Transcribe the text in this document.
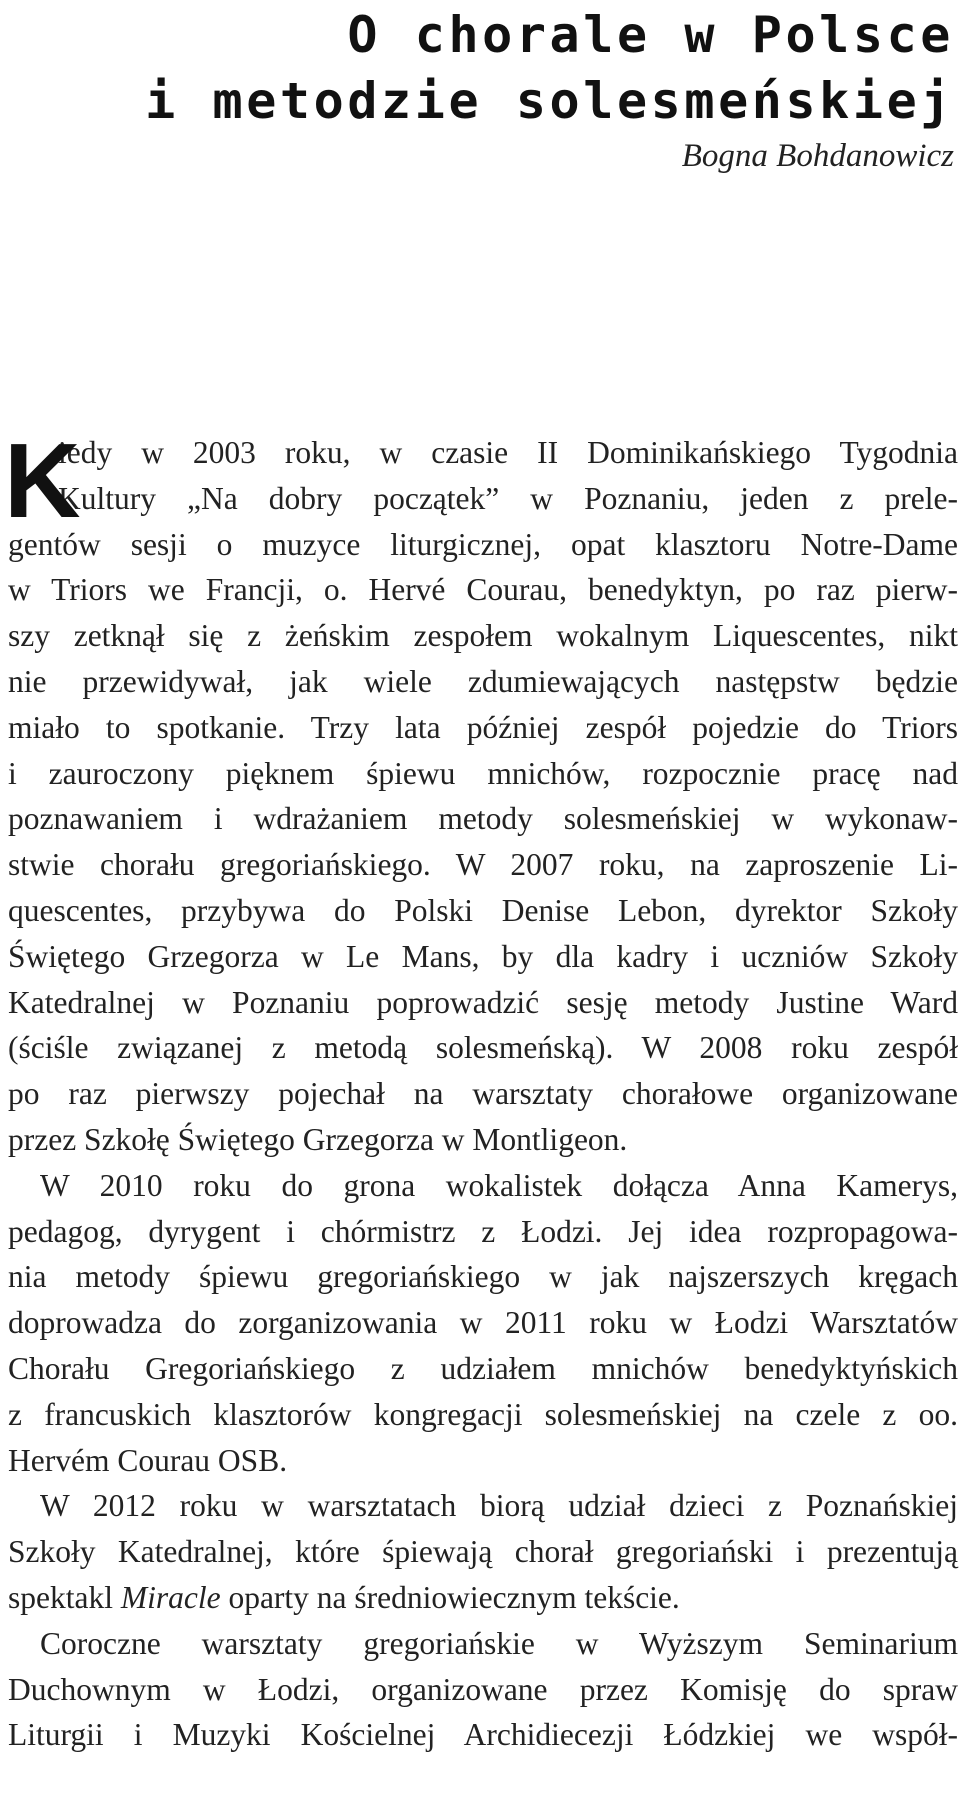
O chorale w Polsce
i metodzie solesmeńskiej
Bogna Bohdanowicz
K
iedy w 2003 roku, w czasie II Dominikańskiego Tygodnia
Kultury „Na dobry początek” w Poznaniu, jeden z prele-
gentów sesji o muzyce liturgicznej, opat klasztoru Notre-Dame
w Triors we Francji, o. Hervé Courau, benedyktyn, po raz pierw-
szy zetknął się z żeńskim zespołem wokalnym Liquescentes, nikt
nie przewidywał, jak wiele zdumiewających następstw będzie
miało to spotkanie. Trzy lata później zespół pojedzie do Triors
i zauroczony pięknem śpiewu mnichów, rozpocznie pracę nad
poznawaniem i wdrażaniem metody solesmeńskiej w wykonaw-
stwie chorału gregoriańskiego. W 2007 roku, na zaproszenie Li-
quescentes, przybywa do Polski Denise Lebon, dyrektor Szkoły
Świętego Grzegorza w Le Mans, by dla kadry i uczniów Szkoły
Katedralnej w Poznaniu poprowadzić sesję metody Justine Ward
(ściśle związanej z metodą solesmeńską). W 2008 roku zespół
po raz pierwszy pojechał na warsztaty chorałowe organizowane
przez Szkołę Świętego Grzegorza w Montligeon.
W 2010 roku do grona wokalistek dołącza Anna Kamerys,
pedagog, dyrygent i chórmistrz z Łodzi. Jej idea rozpropagowa-
nia metody śpiewu gregoriańskiego w jak najszerszych kręgach
doprowadza do zorganizowania w 2011 roku w Łodzi Warsztatów
Chorału Gregoriańskiego z udziałem mnichów benedyktyńskich
z francuskich klasztorów kongregacji solesmeńskiej na czele z oo.
Hervém Courau OSB.
W 2012 roku w warsztatach biorą udział dzieci z Poznańskiej
Szkoły Katedralnej, które śpiewają chorał gregoriański i prezentują
spektakl Miracle oparty na średniowiecznym tekście.
Coroczne warsztaty gregoriańskie w Wyższym Seminarium
Duchownym w Łodzi, organizowane przez Komisję do spraw
Liturgii i Muzyki Kościelnej Archidiecezji Łódzkiej we współ-
